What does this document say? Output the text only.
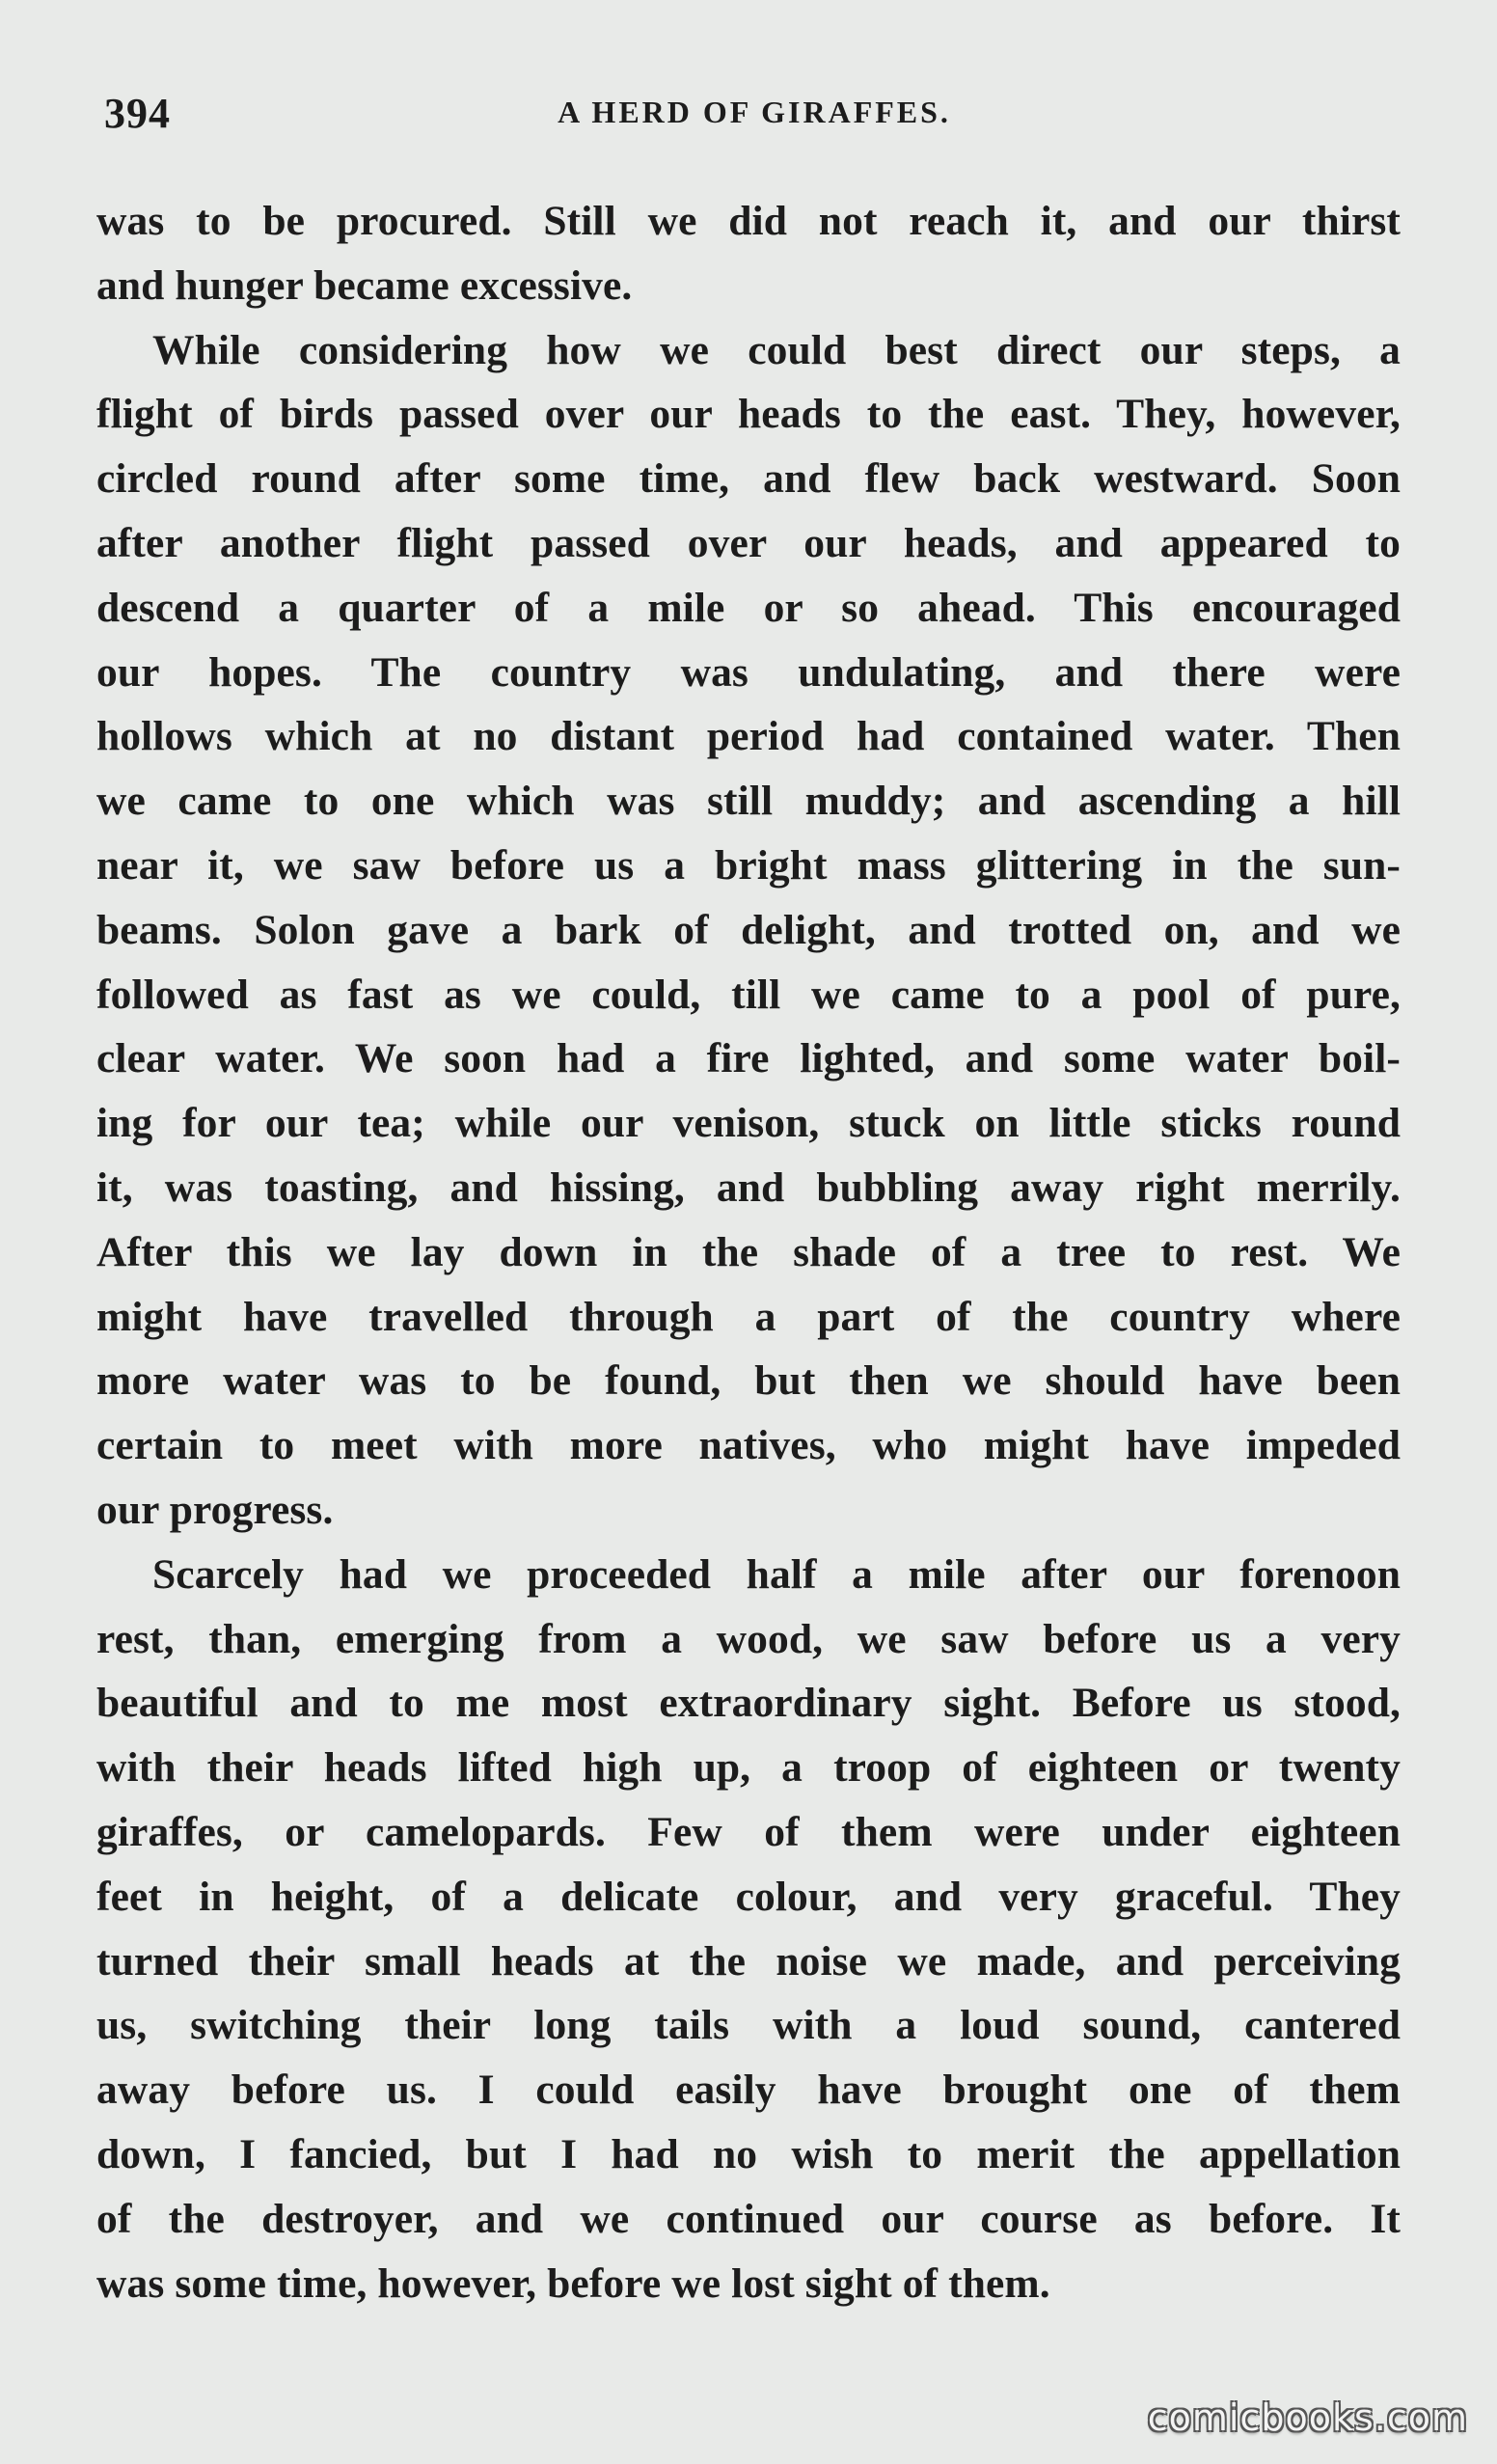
394	A HERD OF GIRAFFES.
was to be procured. Still we did not reach it, and our thirst
and hunger became excessive.
While considering how we could best direct our steps, a
flight of birds passed over our heads to the east. They, however,
circled round after some time, and flew back westward. Soon
after another flight passed over our heads, and appeared to
descend a quarter of a mile or so ahead. This encouraged
our hopes. The country was undulating, and there were
hollows which at no distant period had contained water. Then
we came to one which was still muddy; and ascending a hill
near it, we saw before us a bright mass glittering in the sun-
beams. Solon gave a bark of delight, and trotted on, and we
followed as fast as we could, till we came to a pool of pure,
clear water. We soon had a fire lighted, and some water boil-
ing for our tea; while our venison, stuck on little sticks round
it, was toasting, and hissing, and bubbling away right merrily.
After this we lay down in the shade of a tree to rest. We
might have travelled through a part of the country where
more water was to be found, but then we should have been
certain to meet with more natives, who might have impeded
our progress.
Scarcely had we proceeded half a mile after our forenoon
rest, than, emerging from a wood, we saw before us a very
beautiful and to me most extraordinary sight. Before us stood,
with their heads lifted high up, a troop of eighteen or twenty
giraffes, or camelopards. Few of them were under eighteen
feet in height, of a delicate colour, and very graceful. They
turned their small heads at the noise we made, and perceiving
us, switching their long tails with a loud sound, cantered
away before us. I could easily have brought one of them
down, I fancied, but I had no wish to merit the appellation
of the destroyer, and we continued our course as before. It
was some time, however, before we lost sight of them.
comicbooks.com
